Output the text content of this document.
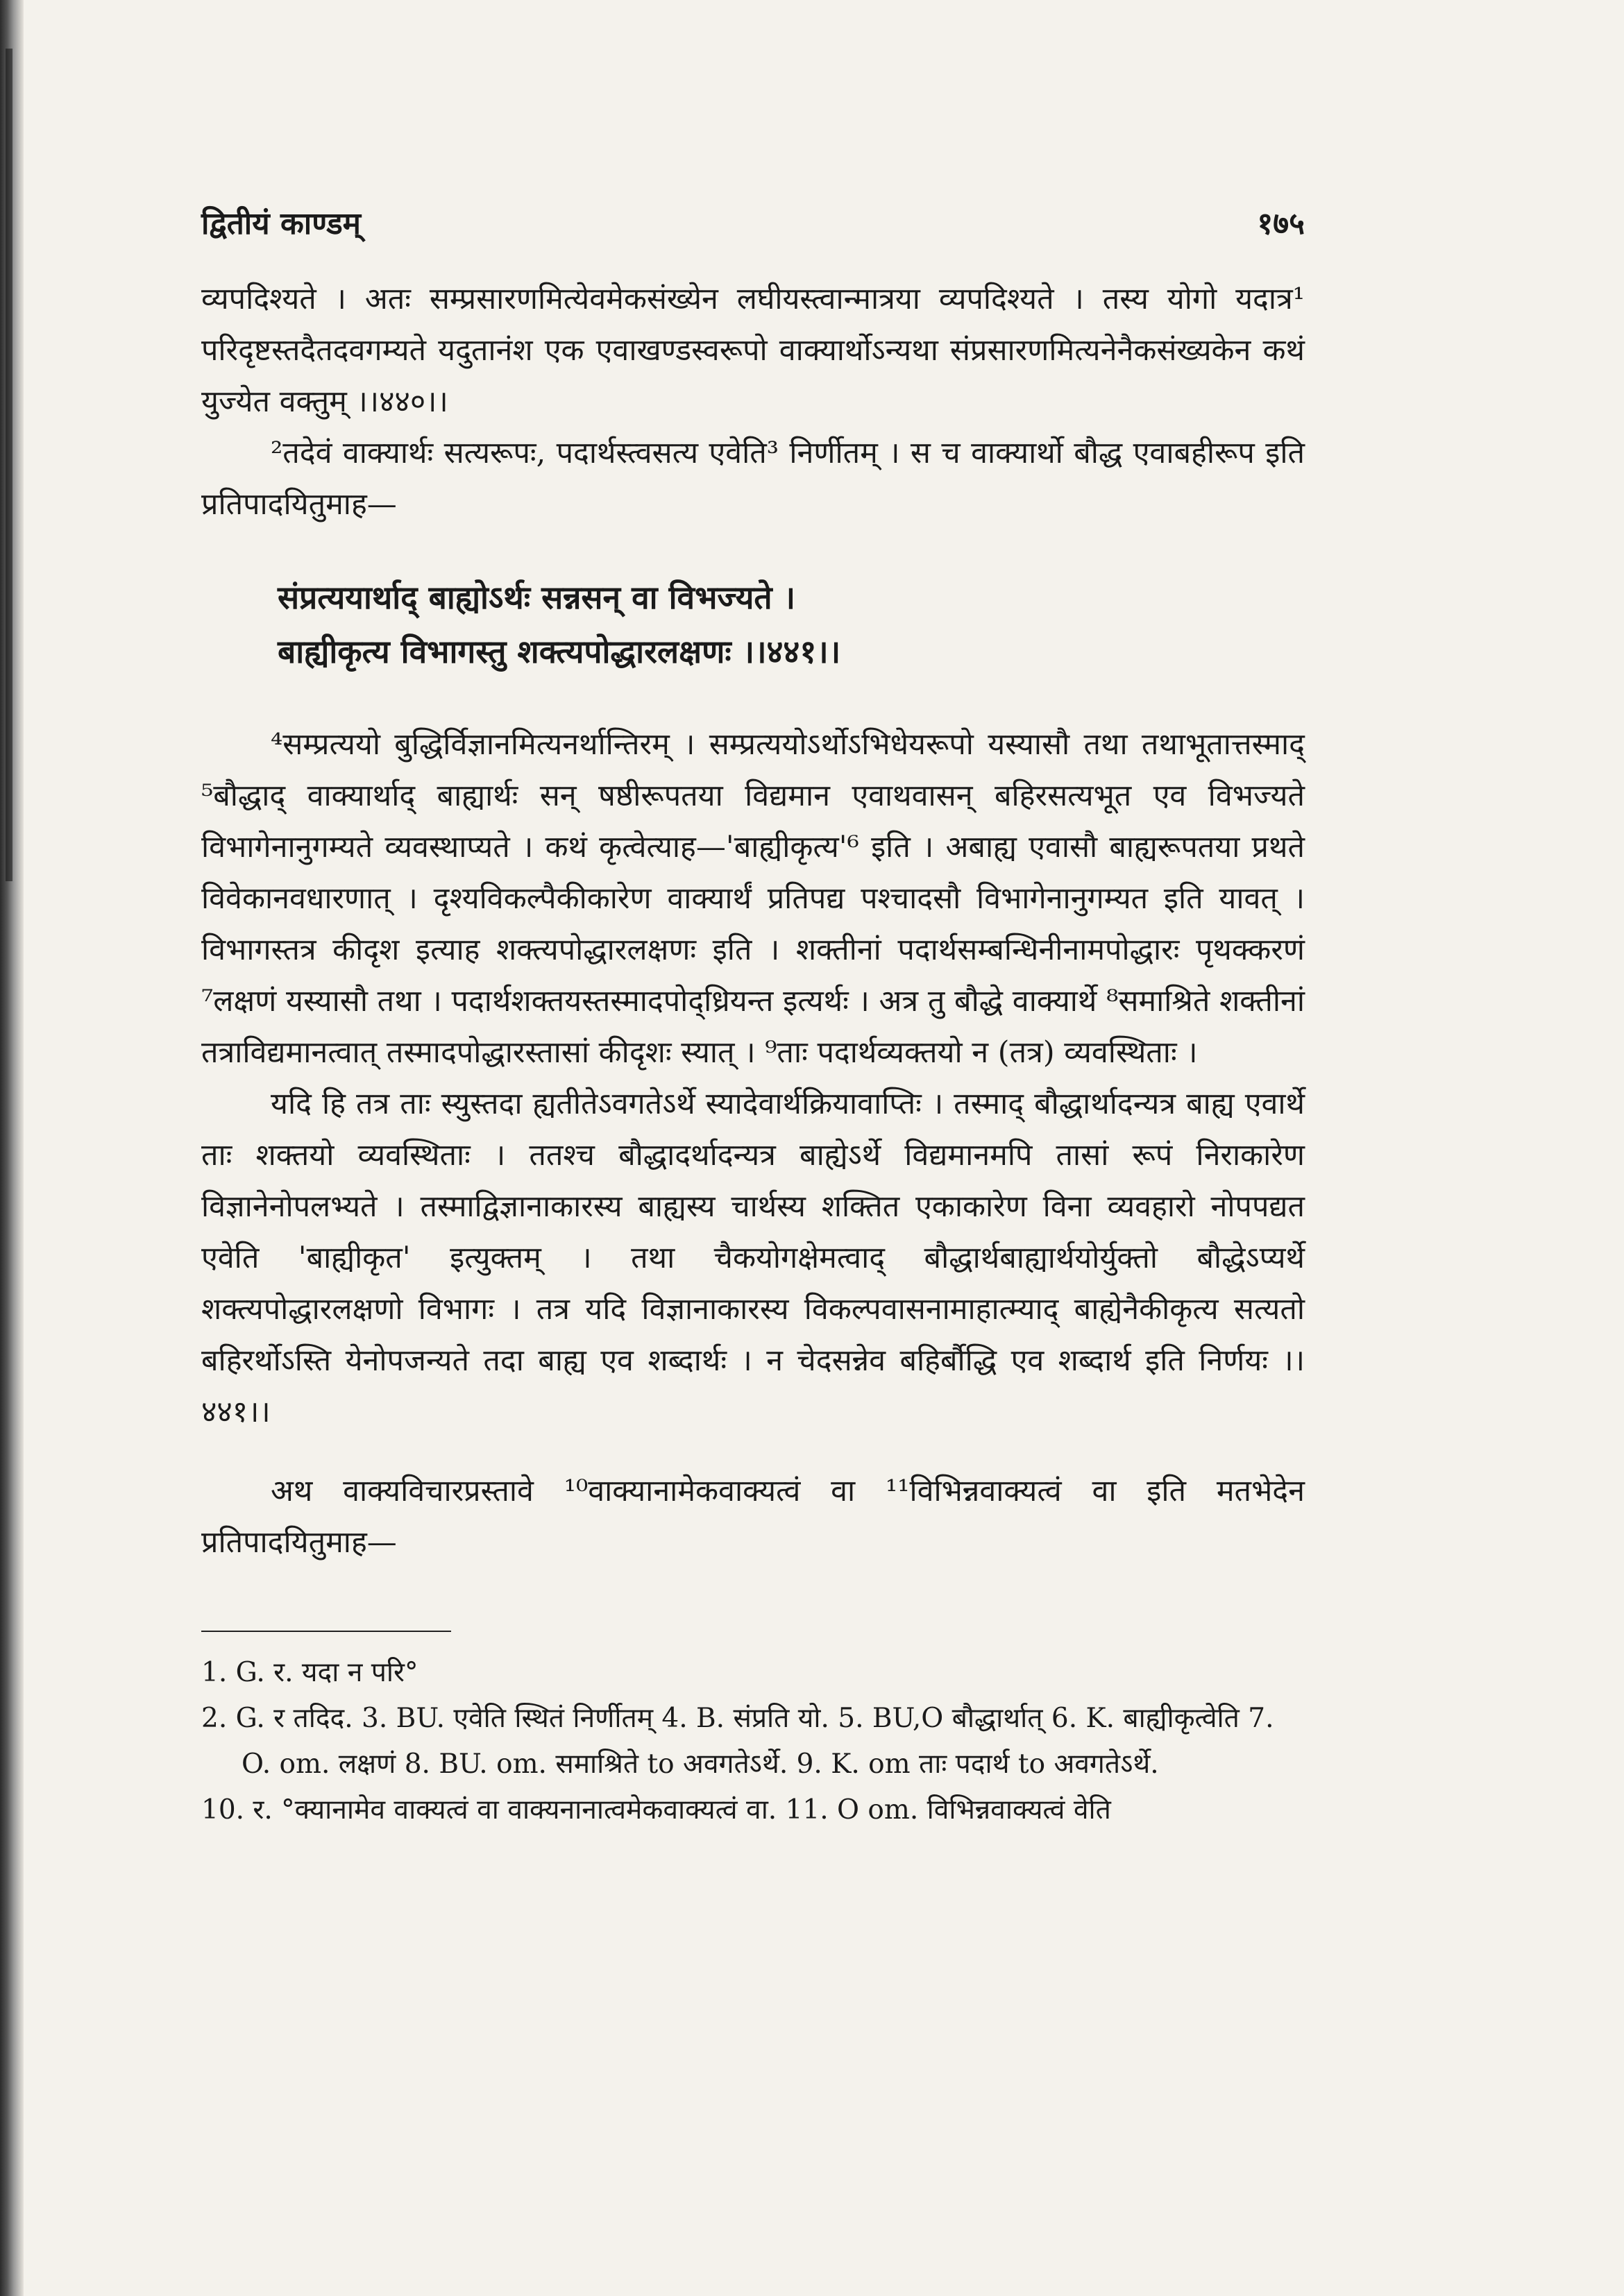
द्वितीयं काण्डम्	१७५

व्यपदिश्यते । अतः सम्प्रसारणमित्येवमेकसंख्येन लघीयस्त्वान्मात्रया व्यपदिश्यते । तस्य योगो यदात्र¹ परिदृष्टस्तदैतदवगम्यते यदुतानंश एक एवाखण्डस्वरूपो वाक्यार्थोऽन्यथा संप्रसारणमित्यनेनैकसंख्यकेन कथं युज्येत वक्तुम् ।।४४०।।

²तदेवं वाक्यार्थः सत्यरूपः, पदार्थस्त्वसत्य एवेति³ निर्णीतम् । स च वाक्यार्थो बौद्ध एवाबहीरूप इति प्रतिपादयितुमाह—

संप्रत्ययार्थाद् बाह्योऽर्थः सन्नसन् वा विभज्यते ।
बाह्यीकृत्य विभागस्तु शक्त्यपोद्धारलक्षणः ।।४४१।।

⁴सम्प्रत्ययो बुद्धिर्विज्ञानमित्यनर्थान्तिरम् । सम्प्रत्ययोऽर्थोऽभिधेयरूपो यस्यासौ तथा तथाभूतात्तस्माद् ⁵बौद्धाद् वाक्यार्थाद् बाह्यार्थः सन् षष्ठीरूपतया विद्यमान एवाथवासन् बहिरसत्यभूत एव विभज्यते विभागेनानुगम्यते व्यवस्थाप्यते । कथं कृत्वेत्याह—'बाह्यीकृत्य'⁶ इति । अबाह्य एवासौ बाह्यरूपतया प्रथते विवेकानवधारणात् । दृश्यविकल्पैकीकारेण वाक्यार्थं प्रतिपद्य पश्चादसौ विभागेनानुगम्यत इति यावत् । विभागस्तत्र कीदृश इत्याह शक्त्यपोद्धारलक्षणः इति । शक्तीनां पदार्थसम्बन्धिनीनामपोद्धारः पृथक्करणं ⁷लक्षणं यस्यासौ तथा । पदार्थशक्तयस्तस्मादपोद्ध्रियन्त इत्यर्थः । अत्र तु बौद्धे वाक्यार्थे ⁸समाश्रिते शक्तीनां तत्राविद्यमानत्वात् तस्मादपोद्धारस्तासां कीदृशः स्यात् । ⁹ताः पदार्थव्यक्तयो न (तत्र) व्यवस्थिताः ।

यदि हि तत्र ताः स्युस्तदा ह्यतीतेऽवगतेऽर्थे स्यादेवार्थक्रियावाप्तिः । तस्माद् बौद्धार्थादन्यत्र बाह्य एवार्थे ताः शक्तयो व्यवस्थिताः । ततश्च बौद्धादर्थादन्यत्र बाह्येऽर्थे विद्यमानमपि तासां रूपं निराकारेण विज्ञानेनोपलभ्यते । तस्माद्विज्ञानाकारस्य बाह्यस्य चार्थस्य शक्तित एकाकारेण विना व्यवहारो नोपपद्यत एवेति 'बाह्यीकृत' इत्युक्तम् । तथा चैकयोगक्षेमत्वाद् बौद्धार्थबाह्यार्थयोर्युक्तो बौद्धेऽप्यर्थे शक्त्यपोद्धारलक्षणो विभागः । तत्र यदि विज्ञानाकारस्य विकल्पवासनामाहात्म्याद् बाह्येनैकीकृत्य सत्यतो बहिरर्थोऽस्ति येनोपजन्यते तदा बाह्य एव शब्दार्थः । न चेदसन्नेव बहिर्बौद्धि एव शब्दार्थ इति निर्णयः ।।४४१।।

अथ वाक्यविचारप्रस्तावे ¹⁰वाक्यानामेकवाक्यत्वं वा ¹¹विभिन्नवाक्यत्वं वा इति मतभेदेन प्रतिपादयितुमाह—

1. G. र. यदा न परि°

2. G. र तदिद. 3. BU. एवेति स्थितं निर्णीतम् 4. B. संप्रति यो. 5. BU,O बौद्धार्थात् 6. K. बाह्यीकृत्वेति 7. O. om. लक्षणं 8. BU. om. समाश्रिते to अवगतेऽर्थे. 9. K. om ताः पदार्थ to अवगतेऽर्थे.

10. र. °क्यानामेव वाक्यत्वं वा वाक्यनानात्वमेकवाक्यत्वं वा. 11. O om. विभिन्नवाक्यत्वं वेति
